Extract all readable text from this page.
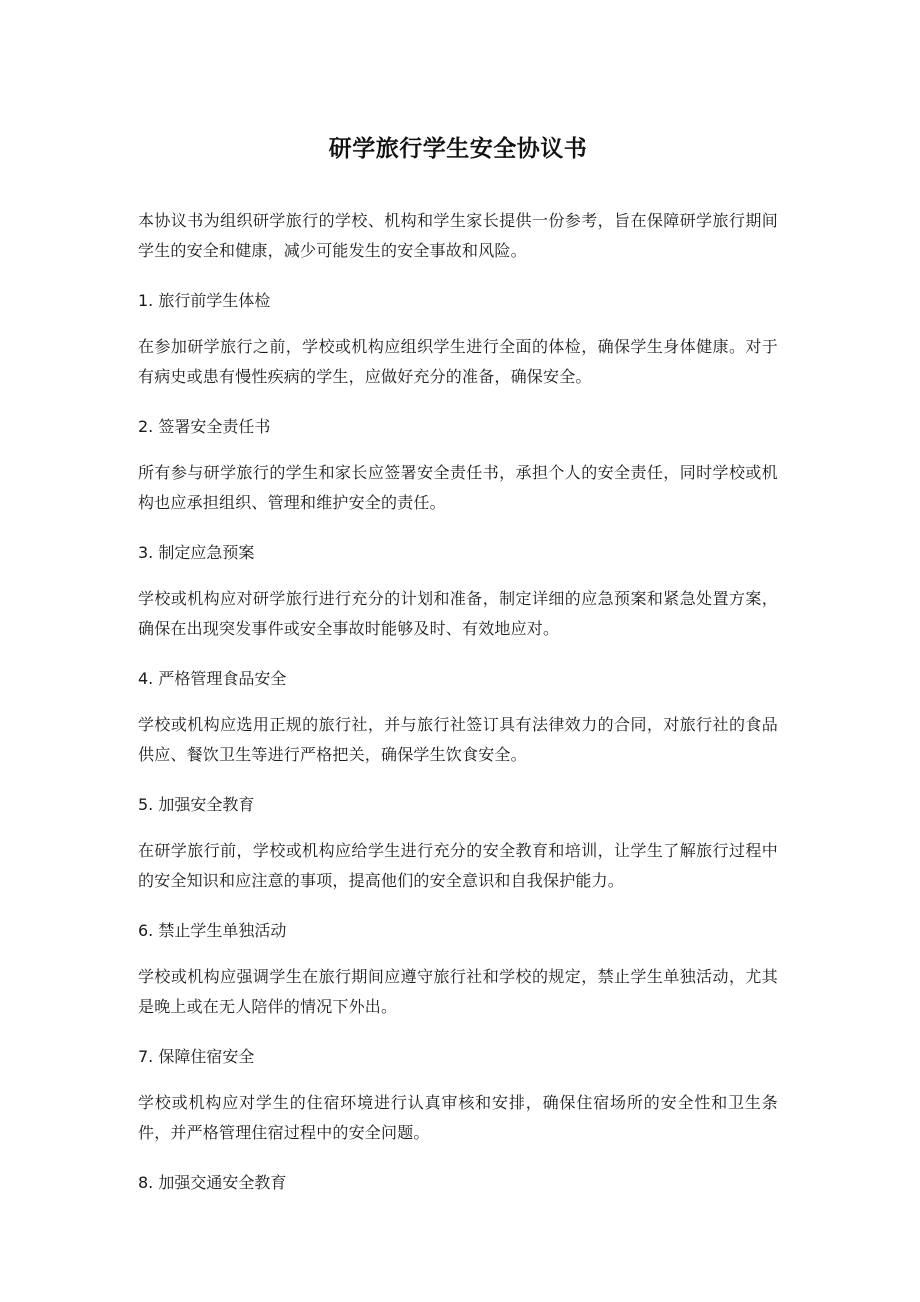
研学旅行学生安全协议书

本协议书为组织研学旅行的学校、机构和学生家长提供一份参考，旨在保障研学旅行期间学生的安全和健康，减少可能发生的安全事故和风险。

1. 旅行前学生体检

在参加研学旅行之前，学校或机构应组织学生进行全面的体检，确保学生身体健康。对于有病史或患有慢性疾病的学生，应做好充分的准备，确保安全。

2. 签署安全责任书

所有参与研学旅行的学生和家长应签署安全责任书，承担个人的安全责任，同时学校或机构也应承担组织、管理和维护安全的责任。

3. 制定应急预案

学校或机构应对研学旅行进行充分的计划和准备，制定详细的应急预案和紧急处置方案，确保在出现突发事件或安全事故时能够及时、有效地应对。

4. 严格管理食品安全

学校或机构应选用正规的旅行社，并与旅行社签订具有法律效力的合同，对旅行社的食品供应、餐饮卫生等进行严格把关，确保学生饮食安全。

5. 加强安全教育

在研学旅行前，学校或机构应给学生进行充分的安全教育和培训，让学生了解旅行过程中的安全知识和应注意的事项，提高他们的安全意识和自我保护能力。

6. 禁止学生单独活动

学校或机构应强调学生在旅行期间应遵守旅行社和学校的规定，禁止学生单独活动，尤其是晚上或在无人陪伴的情况下外出。

7. 保障住宿安全

学校或机构应对学生的住宿环境进行认真审核和安排，确保住宿场所的安全性和卫生条件，并严格管理住宿过程中的安全问题。

8. 加强交通安全教育
